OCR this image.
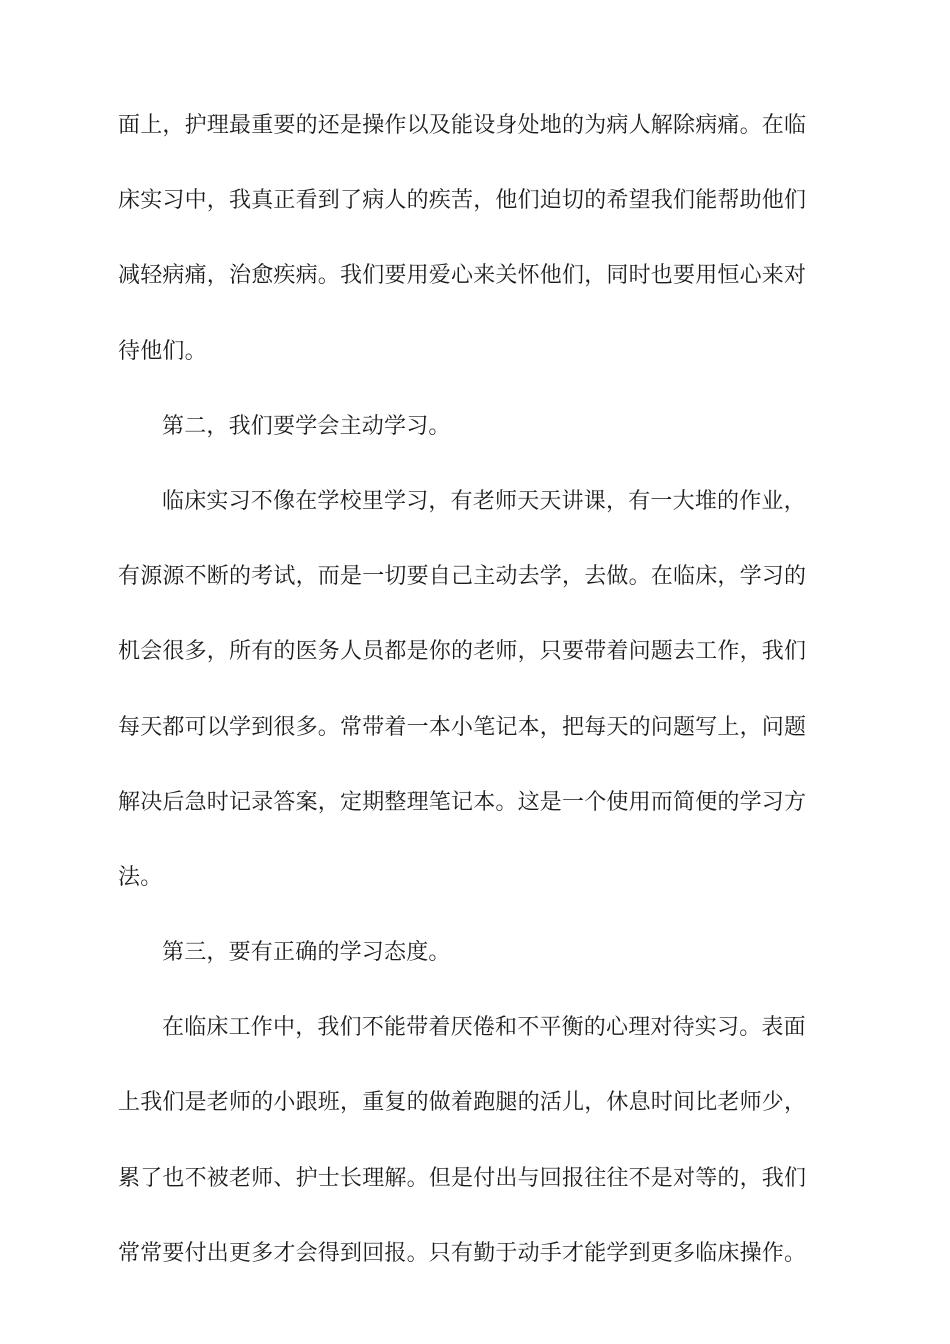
面上，护理最重要的还是操作以及能设身处地的为病人解除病痛。在临
床实习中，我真正看到了病人的疾苦，他们迫切的希望我们能帮助他们
减轻病痛，治愈疾病。我们要用爱心来关怀他们，同时也要用恒心来对
待他们。
第二，我们要学会主动学习。
临床实习不像在学校里学习，有老师天天讲课，有一大堆的作业，
有源源不断的考试，而是一切要自己主动去学，去做。在临床，学习的
机会很多，所有的医务人员都是你的老师，只要带着问题去工作，我们
每天都可以学到很多。常带着一本小笔记本，把每天的问题写上，问题
解决后急时记录答案，定期整理笔记本。这是一个使用而简便的学习方
法。
第三，要有正确的学习态度。
在临床工作中，我们不能带着厌倦和不平衡的心理对待实习。表面
上我们是老师的小跟班，重复的做着跑腿的活儿，休息时间比老师少，
累了也不被老师、护士长理解。但是付出与回报往往不是对等的，我们
常常要付出更多才会得到回报。只有勤于动手才能学到更多临床操作。
